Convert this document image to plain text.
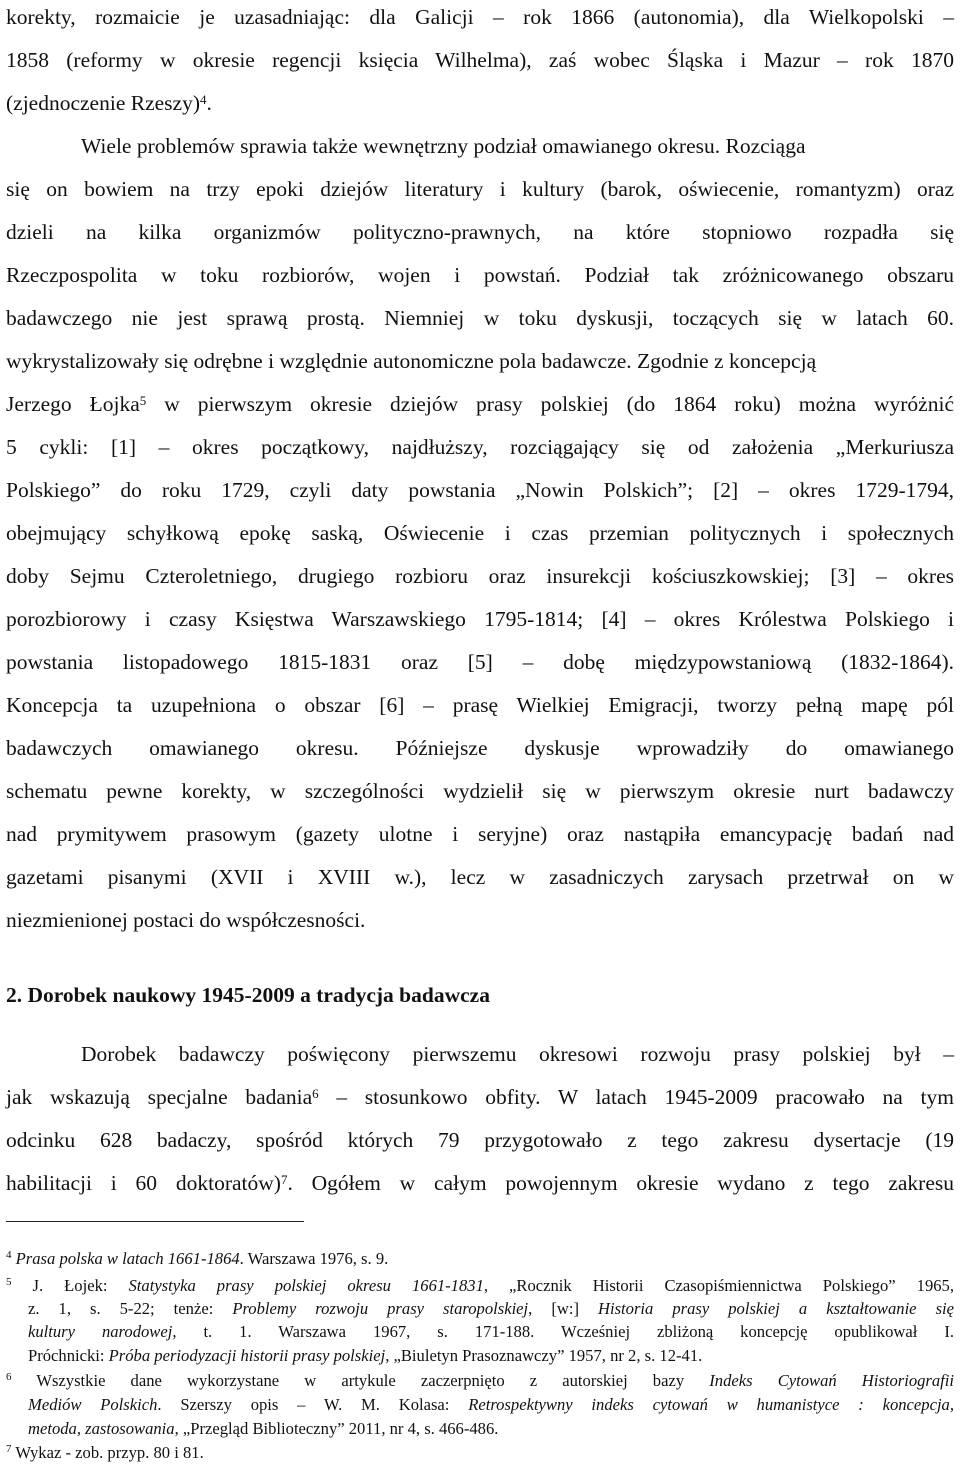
korekty, rozmaicie je uzasadniając: dla Galicji – rok 1866 (autonomia), dla Wielkopolski –
1858 (reformy w okresie regencji księcia Wilhelma), zaś wobec Śląska i Mazur – rok 1870
(zjednoczenie Rzeszy)$^4$.
Wiele problemów sprawia także wewnętrzny podział omawianego okresu. Rozciąga
się on bowiem na trzy epoki dziejów literatury i kultury (barok, oświecenie, romantyzm) oraz
dzieli na kilka organizmów polityczno-prawnych, na które stopniowo rozpadła się
Rzeczpospolita w toku rozbiorów, wojen i powstań. Podział tak zróżnicowanego obszaru
badawczego nie jest sprawą prostą. Niemniej w toku dyskusji, toczących się w latach 60.
wykrystalizowały się odrębne i względnie autonomiczne pola badawcze. Zgodnie z koncepcją
Jerzego Łojka$^5$ w pierwszym okresie dziejów prasy polskiej (do 1864 roku) można wyróżnić
5 cykli: [1] – okres początkowy, najdłuższy, rozciągający się od założenia „Merkuriusza
Polskiego” do roku 1729, czyli daty powstania „Nowin Polskich”; [2] – okres 1729-1794,
obejmujący schyłkową epokę saską, Oświecenie i czas przemian politycznych i społecznych
doby Sejmu Czteroletniego, drugiego rozbioru oraz insurekcji kościuszkowskiej; [3] – okres
porozbiorowy i czasy Księstwa Warszawskiego 1795-1814; [4] – okres Królestwa Polskiego i
powstania listopadowego 1815-1831 oraz [5] – dobę międzypowstaniową (1832-1864).
Koncepcja ta uzupełniona o obszar [6] – prasę Wielkiej Emigracji, tworzy pełną mapę pól
badawczych omawianego okresu. Późniejsze dyskusje wprowadziły do omawianego
schematu pewne korekty, w szczególności wydzielił się w pierwszym okresie nurt badawczy
nad prymitywem prasowym (gazety ulotne i seryjne) oraz nastąpiła emancypację badań nad
gazetami pisanymi (XVII i XVIII w.), lecz w zasadniczych zarysach przetrwał on w
niezmienionej postaci do współczesności.
2. Dorobek naukowy 1945-2009 a tradycja badawcza
Dorobek badawczy poświęcony pierwszemu okresowi rozwoju prasy polskiej był –
jak wskazują specjalne badania$^6$ – stosunkowo obfity. W latach 1945-2009 pracowało na tym
odcinku 628 badaczy, spośród których 79 przygotowało z tego zakresu dysertacje (19
habilitacji i 60 doktoratów)$^7$. Ogółem w całym powojennym okresie wydano z tego zakresu
$^4$ Prasa polska w latach 1661-1864. Warszawa 1976, s. 9.
$^5$ J. Łojek: Statystyka prasy polskiej okresu 1661-1831, „Rocznik Historii Czasopiśmiennictwa Polskiego” 1965,
z. 1, s. 5-22; tenże: Problemy rozwoju prasy staropolskiej, [w:] Historia prasy polskiej a kształtowanie się
kultury narodowej, t. 1. Warszawa 1967, s. 171-188. Wcześniej zbliżoną koncepcję opublikował I.
Próchnicki: Próba periodyzacji historii prasy polskiej, „Biuletyn Prasoznawczy” 1957, nr 2, s. 12-41.
$^6$ Wszystkie dane wykorzystane w artykule zaczerpnięto z autorskiej bazy Indeks Cytowań Historiografii
Mediów Polskich. Szerszy opis – W. M. Kolasa: Retrospektywny indeks cytowań w humanistyce : koncepcja,
metoda, zastosowania, „Przegląd Biblioteczny” 2011, nr 4, s. 466-486.
$^7$ Wykaz - zob. przyp. 80 i 81.
